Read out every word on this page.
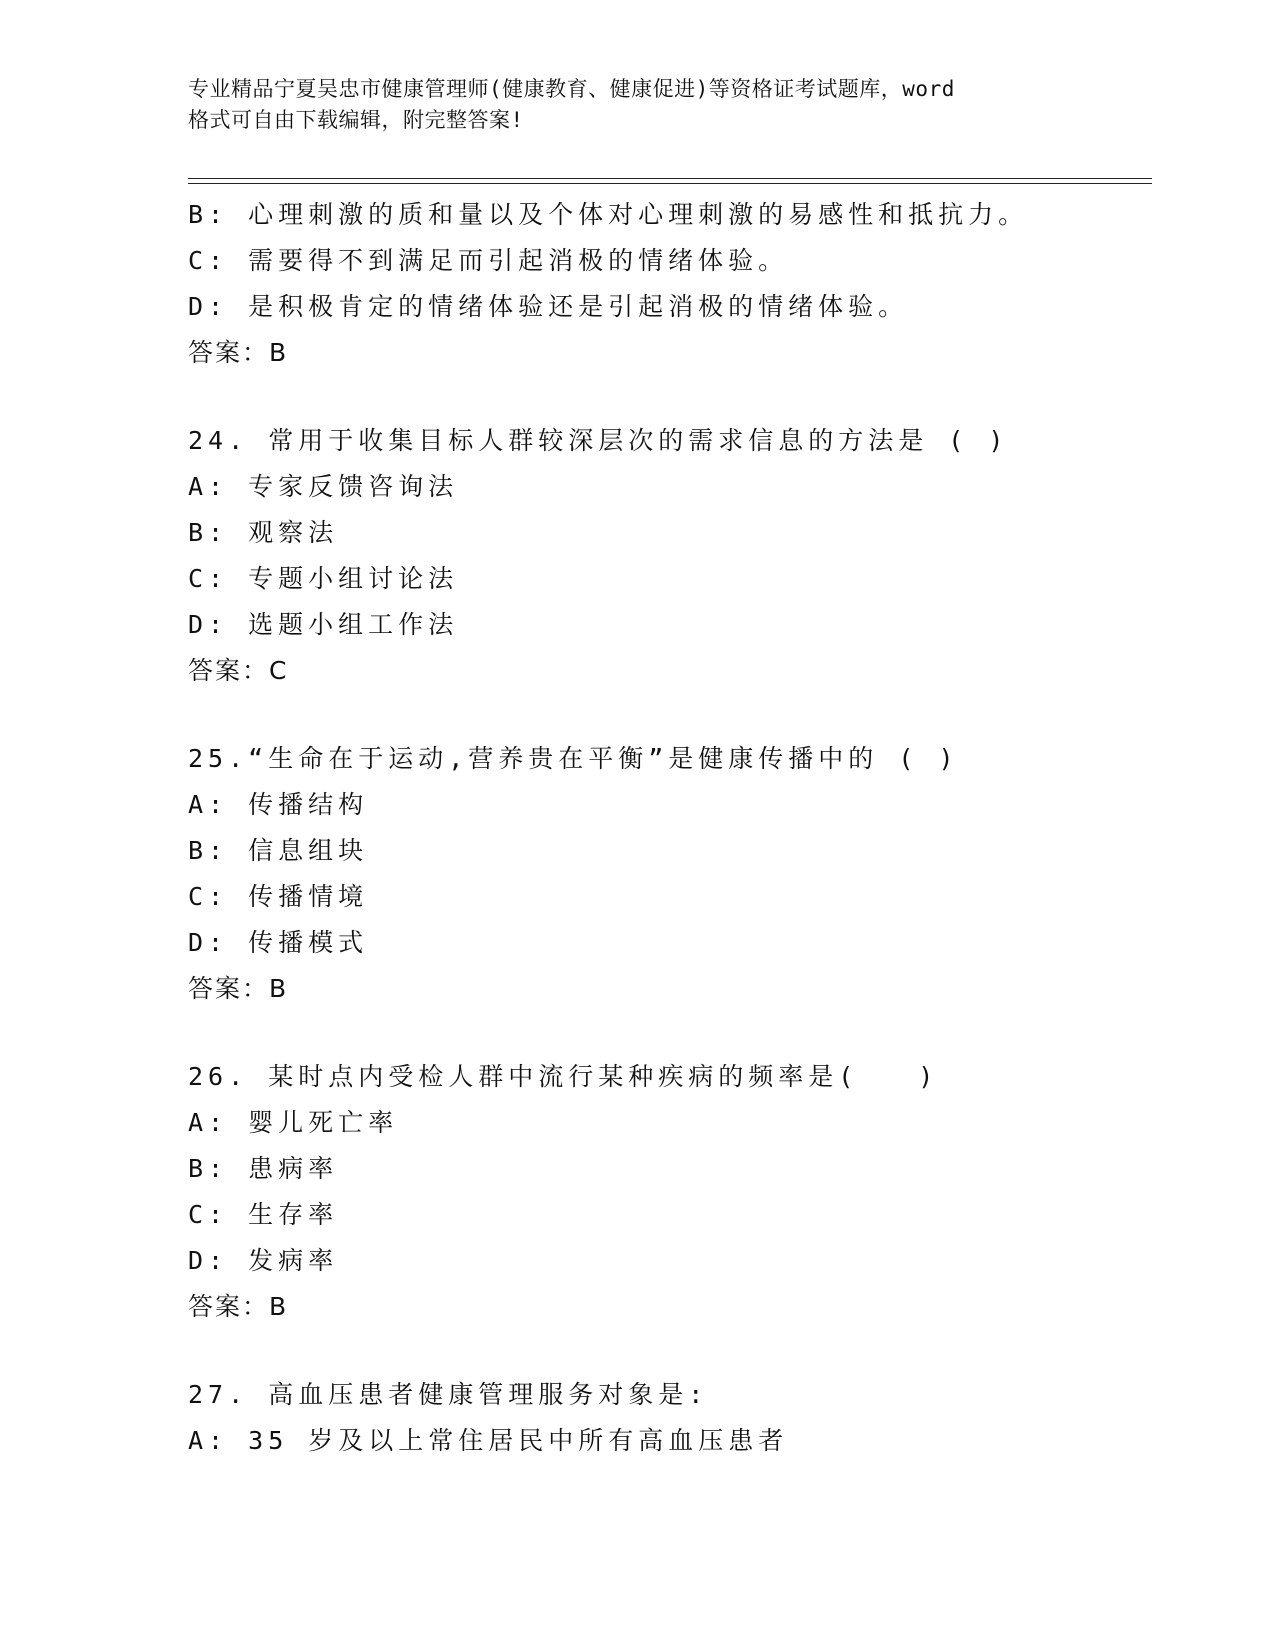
专业精品宁夏吴忠市健康管理师(健康教育、健康促进)等资格证考试题库，word
格式可自由下载编辑，附完整答案!
B: 心理刺激的质和量以及个体对心理刺激的易感性和抵抗力。
C: 需要得不到满足而引起消极的情绪体验。
D: 是积极肯定的情绪体验还是引起消极的情绪体验。
答案：B
24. 常用于收集目标人群较深层次的需求信息的方法是 ( )
A: 专家反馈咨询法
B: 观察法
C: 专题小组讨论法
D: 选题小组工作法
答案：C
25.“生命在于运动,营养贵在平衡”是健康传播中的 ( )
A: 传播结构
B: 信息组块
C: 传播情境
D: 传播模式
答案：B
26. 某时点内受检人群中流行某种疾病的频率是(　　)
A: 婴儿死亡率
B: 患病率
C: 生存率
D: 发病率
答案：B
27. 高血压患者健康管理服务对象是:
A: 35 岁及以上常住居民中所有高血压患者
